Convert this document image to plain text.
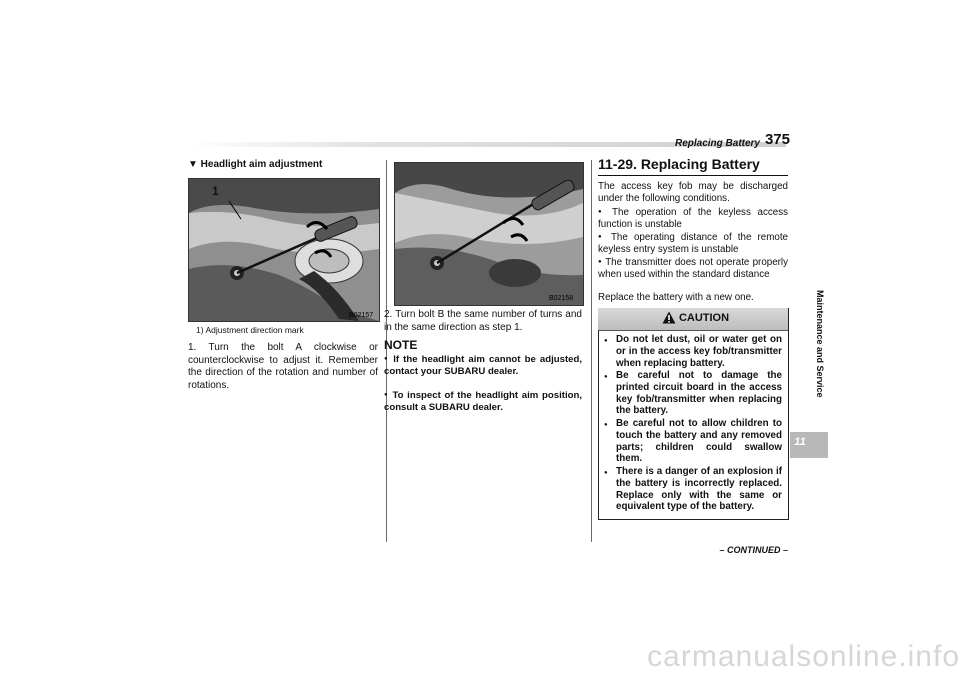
Replacing Battery 375
▼ Headlight aim adjustment
B02157
1
1) Adjustment direction mark
1. Turn the bolt A clockwise or counterclockwise to adjust it. Remember the direction of the rotation and number of rotations.
B02158
2. Turn bolt B the same number of turns and in the same direction as step 1.
NOTE
● If the headlight aim cannot be adjusted, contact your SUBARU dealer.
● To inspect of the headlight aim position, consult a SUBARU dealer.
11-29. Replacing Battery
The access key fob may be discharged under the following conditions.
● The operation of the keyless access function is unstable
● The operating distance of the remote keyless entry system is unstable
● The transmitter does not operate properly when used within the standard distance
Replace the battery with a new one.
CAUTION
● Do not let dust, oil or water get on or in the access key fob/transmitter when replacing battery.
● Be careful not to damage the printed circuit board in the access key fob/transmitter when replacing the battery.
● Be careful not to allow children to touch the battery and any removed parts; children could swallow them.
● There is a danger of an explosion if the battery is incorrectly replaced. Replace only with the same or equivalent type of the battery.
Maintenance and Service
11
– CONTINUED –
carmanualsonline.info
